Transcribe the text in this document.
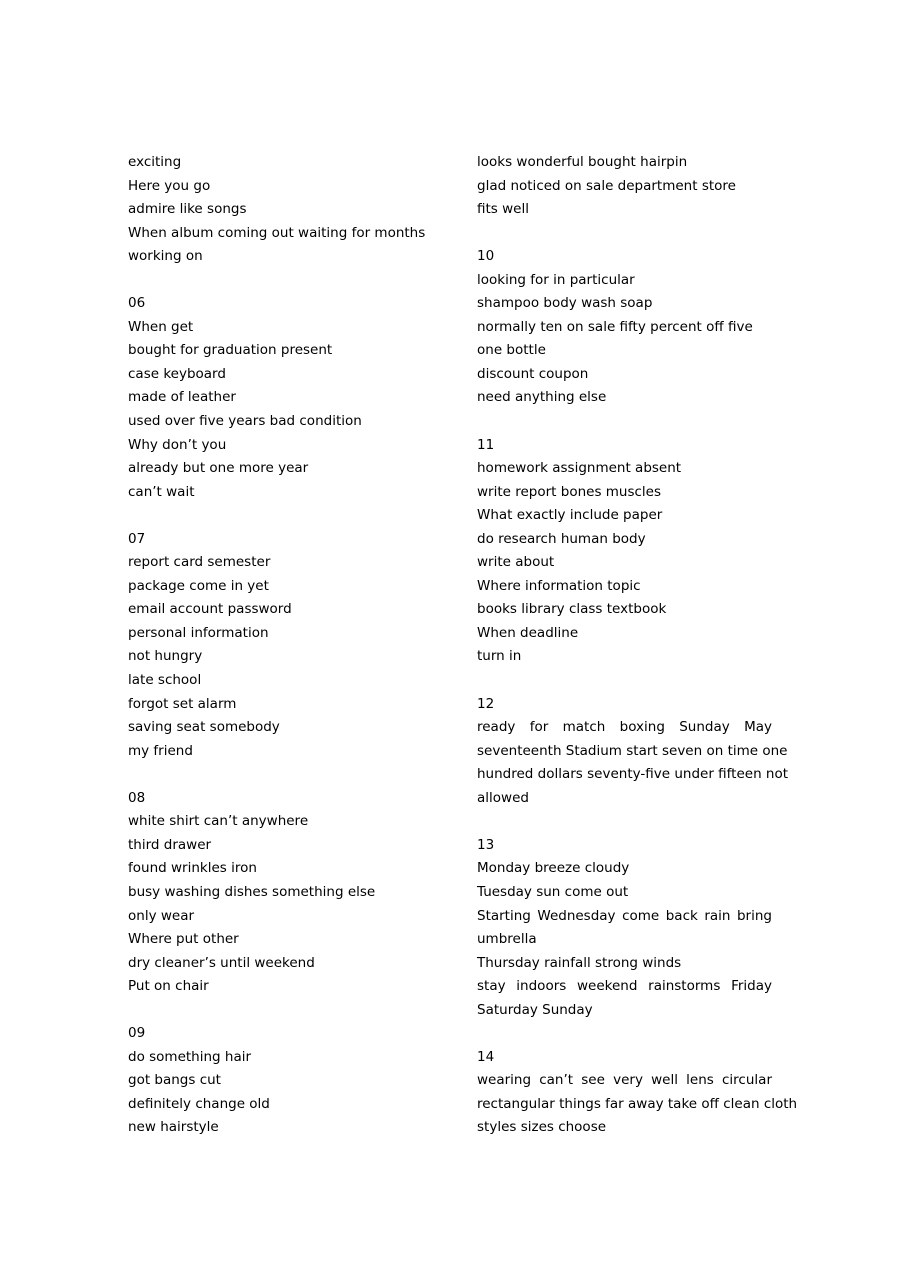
exciting
Here you go
admire like songs
When album coming out waiting for months
working on
06
When get
bought for graduation present
case keyboard
made of leather
used over five years bad condition
Why don’t you
already but one more year
can’t wait
07
report card semester
package come in yet
email account password
personal information
not hungry
late school
forgot set alarm
saving seat somebody
my friend
08
white shirt can’t anywhere
third drawer
found wrinkles iron
busy washing dishes something else
only wear
Where put other
dry cleaner’s until weekend
Put on chair
09
do something hair
got bangs cut
definitely change old
new hairstyle
looks wonderful bought hairpin
glad noticed on sale department store
fits well
10
looking for in particular
shampoo body wash soap
normally ten on sale fifty percent off five
one bottle
discount coupon
need anything else
11
homework assignment absent
write report bones muscles
What exactly include paper
do research human body
write about
Where information topic
books library class textbook
When deadline
turn in
12
ready for match boxing Sunday May
seventeenth Stadium start seven on time one
hundred dollars seventy-five under fifteen not
allowed
13
Monday breeze cloudy
Tuesday sun come out
Starting Wednesday come back rain bring
umbrella
Thursday rainfall strong winds
stay indoors weekend rainstorms Friday
Saturday Sunday
14
wearing can’t see very well lens circular
rectangular things far away take off clean cloth
styles sizes choose
